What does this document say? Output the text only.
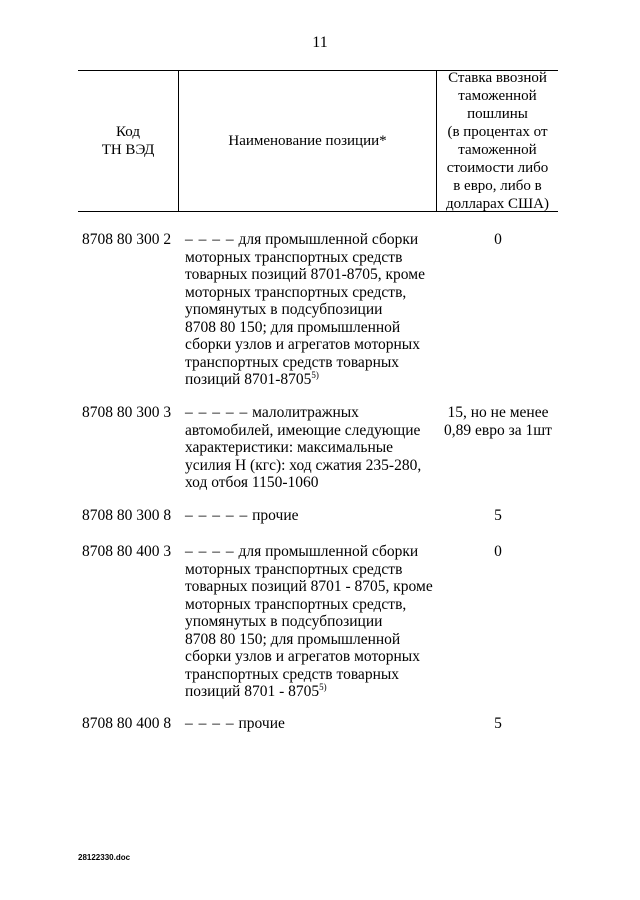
11
Код
ТН ВЭД
Наименование позиции*
Ставка ввозной
таможенной
пошлины
(в процентах от
таможенной
стоимости либо
в евро, либо в
долларах США)
8708 80 300 2 – – – – для промышленной сборки
моторных транспортных средств
товарных позиций 8701-8705, кроме
моторных транспортных средств,
упомянутых в подсубпозиции
8708 80 150; для промышленной
сборки узлов и агрегатов моторных
транспортных средств товарных
позиций 8701-8705$^{5)}$
0
8708 80 300 3 – – – – – малолитражных
автомобилей, имеющие следующие
характеристики: максимальные
усилия Н (кгс): ход сжатия 235-280,
ход отбоя 1150-1060
15, но не менее
0,89 евро за 1шт
8708 80 300 8 – – – – – прочие	5
8708 80 400 3 – – – – для промышленной сборки
моторных транспортных средств
товарных позиций 8701 - 8705, кроме
моторных транспортных средств,
упомянутых в подсубпозиции
8708 80 150; для промышленной
сборки узлов и агрегатов моторных
транспортных средств товарных
позиций 8701 - 8705$^{5)}$
0
8708 80 400 8 – – – – прочие	5
28122330.doc
